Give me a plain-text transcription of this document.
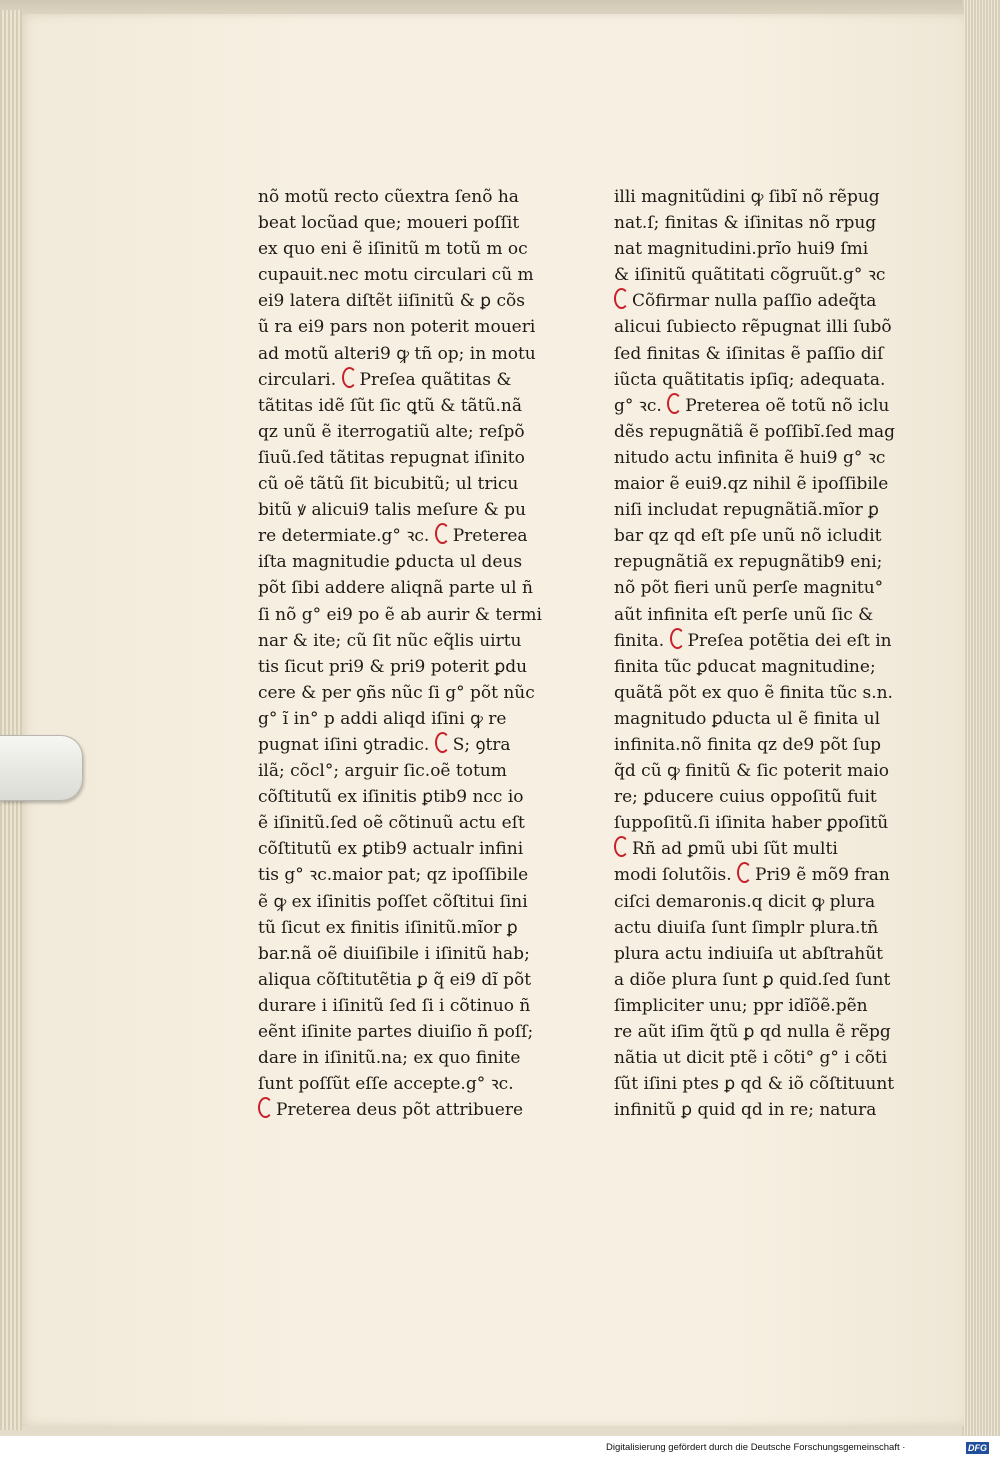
nõ motũ recto cũextra ſenõ ha
beat locũad que; moueri poſſit
ex quo eni ẽ iſinitũ m totũ m oc
cupauit.nec motu circulari cũ m
ei9 latera diſtẽt iiſinitũ & ꝑ cõs
ũ ra ei9 pars non poterit moueri
ad motũ alteri9 ꝙ tñ op; in motu
circulari. Preſea quãtitas &
tãtitas idẽ ſũt ſic ꝗtũ & tãtũ.nã
qz unũ ẽ iterrogatiũ alte; reſpõ
ſiuũ.ſed tãtitas repugnat iſinito
cũ oẽ tãtũ ſit bicubitũ; ul tricu
bitũ ꝟ alicui9 talis meſure & pu
re determiate.g° ꝛc. Preterea
iſta magnitudie ꝑducta ul deus
põt ſibi addere aliqnã parte ul ñ
ſi nõ g° ei9 po ẽ ab aurir & termi
nar & ite; cũ ſit nũc eq̃lis uirtu
tis ſicut pri9 & pri9 poterit ꝑdu
cere & per ꝯñs nũc ſi g° põt nũc
g° ĩ in° p addi aliqd iſini ꝙ re
pugnat iſini ꝯtradic. S; ꝯtra
ilã; cõcl°; arguir ſic.oẽ totum
cõſtitutũ ex iſinitis ꝑtib9 ncc io
ẽ iſinitũ.ſed oẽ cõtinuũ actu eſt
cõſtitutũ ex ꝑtib9 actualr infini
tis g° ꝛc.maior pat; qz ipoſſibile
ẽ ꝙ ex iſinitis poſſet cõſtitui ſini
tũ ſicut ex finitis iſinitũ.mĩor ꝑ
bar.nã oẽ diuiſibile i iſinitũ hab;
aliqua cõſtitutẽtia ꝑ q̃ ei9 dĩ põt
durare i iſinitũ ſed ſi i cõtinuo ñ
eẽnt iſinite partes diuiſio ñ poſſ;
dare in iſinitũ.na; ex quo finite
ſunt poſſũt eſſe accepte.g° ꝛc.
Preterea deus põt attribuere
illi magnitũdini ꝙ ſibĩ nõ rẽpug
nat.ſ; finitas & iſinitas nõ rpug
nat magnitudini.prĩo hui9 ſmi
& iſinitũ quãtitati cõgruũt.g° ꝛc
Cõfirmar nulla paſſio adeq̃ta
alicui ſubiecto rẽpugnat illi ſubõ
ſed finitas & iſinitas ẽ paſſio diſ
iũcta quãtitatis ipſiq; adequata.
g° ꝛc. Preterea oẽ totũ nõ iclu
dẽs repugnãtiã ẽ poſſibĩ.ſed mag
nitudo actu infinita ẽ hui9 g° ꝛc
maior ẽ eui9.qz nihil ẽ ipoſſibile
niſi includat repugnãtiã.mĩor ꝑ
bar qz qd eſt pſe unũ nõ icludit
repugnãtiã ex repugnãtib9 eni;
nõ põt fieri unũ perſe magnitu°
aũt infinita eſt perſe unũ ſic &
finita. Preſea potẽtia dei eſt in
finita tũc ꝑducat magnitudine;
quãtã põt ex quo ẽ finita tũc s.n.
magnitudo ꝑducta ul ẽ finita ul
infinita.nõ finita qz de9 põt ſup
q̃d cũ ꝙ finitũ & ſic poterit maio
re; ꝑducere cuius oppoſitũ fuit
ſuppoſitũ.ſi iſinita haber ꝑpoſitũ
Rñ ad ꝑmũ ubi ſũt multi
modi ſolutõis. Pri9 ẽ mõ9 fran
ciſci demaronis.q dicit ꝙ plura
actu diuiſa ſunt ſimplr plura.tñ
plura actu indiuiſa ut abſtrahũt
a diõe plura ſunt ꝑ quid.ſed ſunt
ſimpliciter unu; ppr idĩõẽ.pẽn
re aũt iſim q̃tũ ꝑ qd nulla ẽ rẽpg
nãtia ut dicit ptẽ i cõti° g° i cõti
ſũt iſini ptes ꝑ qd & iõ cõſtituunt
infinitũ ꝑ quid qd in re; natura
Digitalisierung gefördert durch die Deutsche Forschungsgemeinschaft ·	DFG
